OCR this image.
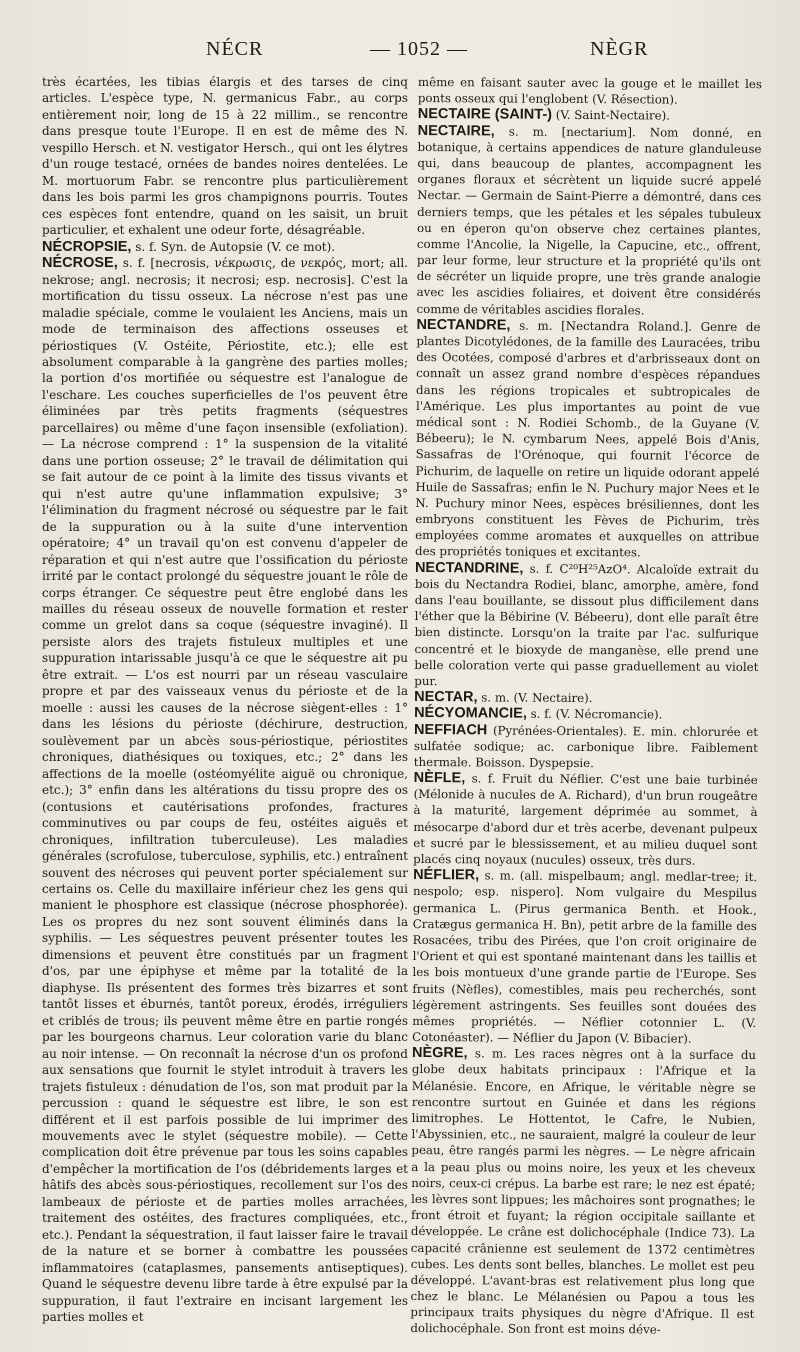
NÉCR	— 1052 —	NÈGR

très écartées, les tibias élargis et des tarses de cinq articles. L'espèce type, N. germanicus Fabr., au corps entièrement noir, long de 15 à 22 millim., se rencontre dans presque toute l'Europe. Il en est de même des N. vespillo Hersch. et N. vestigator Hersch., qui ont les élytres d'un rouge testacé, ornées de bandes noires dentelées. Le M. mortuorum Fabr. se rencontre plus particulièrement dans les bois parmi les gros champignons pourris. Toutes ces espèces font entendre, quand on les saisit, un bruit particulier, et exhalent une odeur forte, désagréable.

NÉCROPSIE, s. f. Syn. de Autopsie (V. ce mot).

NÉCROSE, s. f. [necrosis, νέκρωσις, de νεκρός, mort; all. nekrose; angl. necrosis; it necrosi; esp. necrosis]. C'est la mortification du tissu osseux. La nécrose n'est pas une maladie spéciale, comme le voulaient les Anciens, mais un mode de terminaison des affections osseuses et périostiques (V. Ostéite, Périostite, etc.); elle est absolument comparable à la gangrène des parties molles; la portion d'os mortifiée ou séquestre est l'analogue de l'eschare. Les couches superficielles de l'os peuvent être éliminées par très petits fragments (séquestres parcellaires) ou même d'une façon insensible (exfoliation). — La nécrose comprend : 1° la suspension de la vitalité dans une portion osseuse; 2° le travail de délimitation qui se fait autour de ce point à la limite des tissus vivants et qui n'est autre qu'une inflammation expulsive; 3° l'élimination du fragment nécrosé ou séquestre par le fait de la suppuration ou à la suite d'une intervention opératoire; 4° un travail qu'on est convenu d'appeler de réparation et qui n'est autre que l'ossification du périoste irrité par le contact prolongé du séquestre jouant le rôle de corps étranger. Ce séquestre peut être englobé dans les mailles du réseau osseux de nouvelle formation et rester comme un grelot dans sa coque (séquestre invaginé). Il persiste alors des trajets fistuleux multiples et une suppuration intarissable jusqu'à ce que le séquestre ait pu être extrait. — L'os est nourri par un réseau vasculaire propre et par des vaisseaux venus du périoste et de la moelle : aussi les causes de la nécrose siègent-elles : 1° dans les lésions du périoste (déchirure, destruction, soulèvement par un abcès sous-périostique, périostites chroniques, diathésiques ou toxiques, etc.; 2° dans les affections de la moelle (ostéomyélite aiguë ou chronique, etc.); 3° enfin dans les altérations du tissu propre des os (contusions et cautérisations profondes, fractures comminutives ou par coups de feu, ostéites aiguës et chroniques, infiltration tuberculeuse). Les maladies générales (scrofulose, tuberculose, syphilis, etc.) entraînent souvent des nécroses qui peuvent porter spécialement sur certains os. Celle du maxillaire inférieur chez les gens qui manient le phosphore est classique (nécrose phosphorée). Les os propres du nez sont souvent éliminés dans la syphilis. — Les séquestres peuvent présenter toutes les dimensions et peuvent être constitués par un fragment d'os, par une épiphyse et même par la totalité de la diaphyse. Ils présentent des formes très bizarres et sont tantôt lisses et éburnés, tantôt poreux, érodés, irréguliers et criblés de trous; ils peuvent même être en partie rongés par les bourgeons charnus. Leur coloration varie du blanc au noir intense. — On reconnaît la nécrose d'un os profond aux sensations que fournit le stylet introduit à travers les trajets fistuleux : dénudation de l'os, son mat produit par la percussion : quand le séquestre est libre, le son est différent et il est parfois possible de lui imprimer des mouvements avec le stylet (séquestre mobile). — Cette complication doit être prévenue par tous les soins capables d'empêcher la mortification de l'os (débridements larges et hâtifs des abcès sous-périostiques, recollement sur l'os des lambeaux de périoste et de parties molles arrachées, traitement des ostéites, des fractures compliquées, etc., etc.). Pendant la séquestration, il faut laisser faire le travail de la nature et se borner à combattre les poussées inflammatoires (cataplasmes, pansements antiseptiques). Quand le séquestre devenu libre tarde à être expulsé par la suppuration, il faut l'extraire en incisant largement les parties molles et

même en faisant sauter avec la gouge et le maillet les ponts osseux qui l'englobent (V. Résection).

NECTAIRE (SAINT-) (V. Saint-Nectaire).

NECTAIRE, s. m. [nectarium]. Nom donné, en botanique, à certains appendices de nature glanduleuse qui, dans beaucoup de plantes, accompagnent les organes floraux et sécrètent un liquide sucré appelé Nectar. — Germain de Saint-Pierre a démontré, dans ces derniers temps, que les pétales et les sépales tubuleux ou en éperon qu'on observe chez certaines plantes, comme l'Ancolie, la Nigelle, la Capucine, etc., offrent, par leur forme, leur structure et la propriété qu'ils ont de sécréter un liquide propre, une très grande analogie avec les ascidies foliaires, et doivent être considérés comme de véritables ascidies florales.

NECTANDRE, s. m. [Nectandra Roland.]. Genre de plantes Dicotylédones, de la famille des Lauracées, tribu des Ocotées, composé d'arbres et d'arbrisseaux dont on connaît un assez grand nombre d'espèces répandues dans les régions tropicales et subtropicales de l'Amérique. Les plus importantes au point de vue médical sont : N. Rodiei Schomb., de la Guyane (V. Bébeeru); le N. cymbarum Nees, appelé Bois d'Anis, Sassafras de l'Orénoque, qui fournit l'écorce de Pichurim, de laquelle on retire un liquide odorant appelé Huile de Sassafras; enfin le N. Puchury major Nees et le N. Puchury minor Nees, espèces brésiliennes, dont les embryons constituent les Fèves de Pichurim, très employées comme aromates et auxquelles on attribue des propriétés toniques et excitantes.

NECTANDRINE, s. f. C²⁰H²⁵AzO⁴. Alcaloïde extrait du bois du Nectandra Rodiei, blanc, amorphe, amère, fond dans l'eau bouillante, se dissout plus difficilement dans l'éther que la Bébirine (V. Bébeeru), dont elle paraît être bien distincte. Lorsqu'on la traite par l'ac. sulfurique concentré et le bioxyde de manganèse, elle prend une belle coloration verte qui passe graduellement au violet pur.

NECTAR, s. m. (V. Nectaire).

NÉCYOMANCIE, s. f. (V. Nécromancie).

NEFFIACH (Pyrénées-Orientales). E. min. chlorurée et sulfatée sodique; ac. carbonique libre. Faiblement thermale. Boisson. Dyspepsie.

NÈFLE, s. f. Fruit du Néflier. C'est une baie turbinée (Mélonide à nucules de A. Richard), d'un brun rougeâtre à la maturité, largement déprimée au sommet, à mésocarpe d'abord dur et très acerbe, devenant pulpeux et sucré par le blessissement, et au milieu duquel sont placés cinq noyaux (nucules) osseux, très durs.

NÉFLIER, s. m. (all. mispelbaum; angl. medlar-tree; it. nespolo; esp. nispero]. Nom vulgaire du Mespilus germanica L. (Pirus germanica Benth. et Hook., Cratægus germanica H. Bn), petit arbre de la famille des Rosacées, tribu des Pirées, que l'on croit originaire de l'Orient et qui est spontané maintenant dans les taillis et les bois montueux d'une grande partie de l'Europe. Ses fruits (Nèfles), comestibles, mais peu recherchés, sont légèrement astringents. Ses feuilles sont douées des mêmes propriétés. — Néflier cotonnier L. (V. Cotonéaster). — Néflier du Japon (V. Bibacier).

NÈGRE, s. m. Les races nègres ont à la surface du globe deux habitats principaux : l'Afrique et la Mélanésie. Encore, en Afrique, le véritable nègre se rencontre surtout en Guinée et dans les régions limitrophes. Le Hottentot, le Cafre, le Nubien, l'Abyssinien, etc., ne sauraient, malgré la couleur de leur peau, être rangés parmi les nègres. — Le nègre africain a la peau plus ou moins noire, les yeux et les cheveux noirs, ceux-ci crépus. La barbe est rare; le nez est épaté; les lèvres sont lippues; les mâchoires sont prognathes; le front étroit et fuyant; la région occipitale saillante et développée. Le crâne est dolichocéphale (Indice 73). La capacité crânienne est seulement de 1372 centimètres cubes. Les dents sont belles, blanches. Le mollet est peu développé. L'avant-bras est relativement plus long que chez le blanc. Le Mélanésien ou Papou a tous les principaux traits physiques du nègre d'Afrique. Il est dolichocéphale. Son front est moins déve-
